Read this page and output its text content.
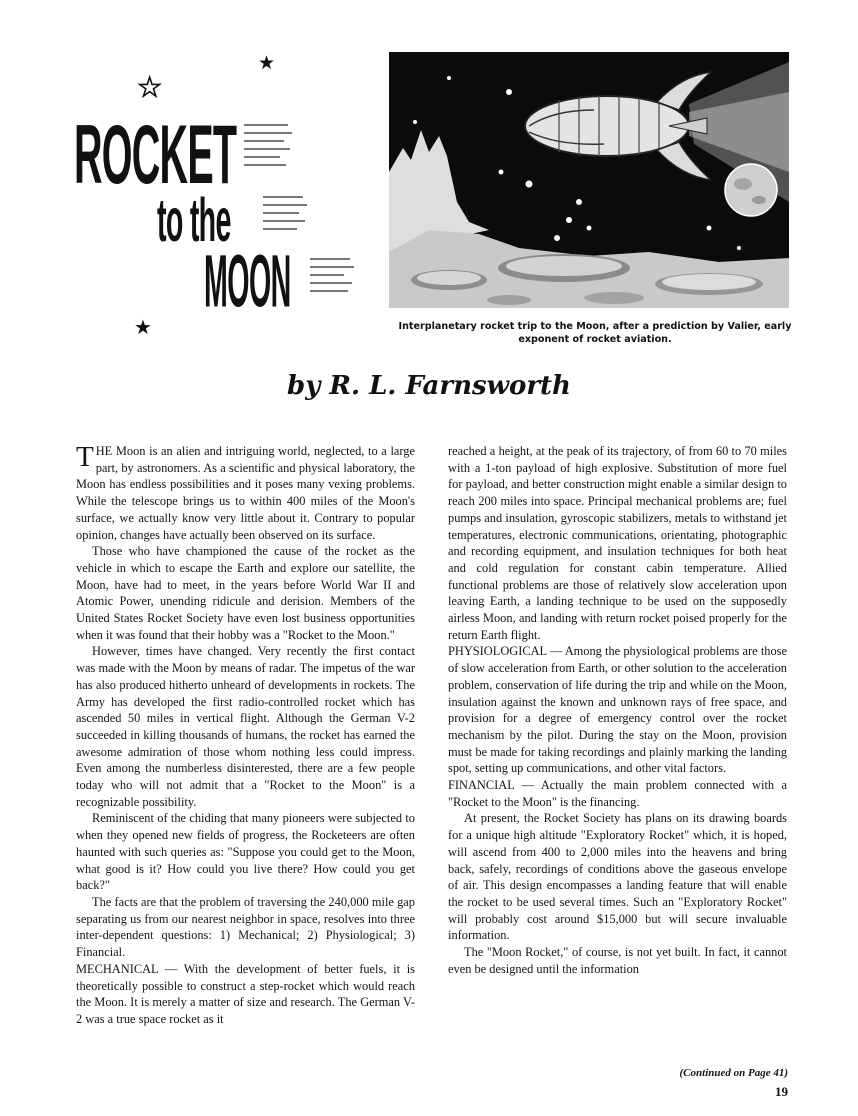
★
★
★
ROCKET
to the
MOON
Interplanetary rocket trip to the Moon, after a prediction by Valier, early exponent of rocket aviation.
by R. L. Farnsworth

THE Moon is an alien and intriguing world, neglected, to a large part, by astronomers. As a scientific and physical laboratory, the Moon has endless possibilities and it poses many vexing problems. While the telescope brings us to within 400 miles of the Moon's surface, we actually know very little about it. Contrary to popular opinion, changes have actually been observed on its surface.

Those who have championed the cause of the rocket as the vehicle in which to escape the Earth and explore our satellite, the Moon, have had to meet, in the years before World War II and Atomic Power, unending ridicule and derision. Members of the United States Rocket Society have even lost business opportunities when it was found that their hobby was a "Rocket to the Moon."

However, times have changed. Very recently the first contact was made with the Moon by means of radar. The impetus of the war has also produced hitherto unheard of developments in rockets. The Army has developed the first radio-controlled rocket which has ascended 50 miles in vertical flight. Although the German V-2 succeeded in killing thousands of humans, the rocket has earned the awesome admiration of those whom nothing less could impress. Even among the numberless disinterested, there are a few people today who will not admit that a "Rocket to the Moon" is a recognizable possibility.

Reminiscent of the chiding that many pioneers were subjected to when they opened new fields of progress, the Rocketeers are often haunted with such queries as: "Suppose you could get to the Moon, what good is it? How could you live there? How could you get back?"

The facts are that the problem of traversing the 240,000 mile gap separating us from our nearest neighbor in space, resolves into three inter-dependent questions: 1) Mechanical; 2) Physiological; 3) Financial.

MECHANICAL — With the development of better fuels, it is theoretically possible to construct a step-rocket which would reach the Moon. It is merely a matter of size and research. The German V-2 was a true space rocket as it

reached a height, at the peak of its trajectory, of from 60 to 70 miles with a 1-ton payload of high explosive. Substitution of more fuel for payload, and better construction might enable a similar design to reach 200 miles into space. Principal mechanical problems are; fuel pumps and insulation, gyroscopic stabilizers, metals to withstand jet temperatures, electronic communications, orientating, photographic and recording equipment, and insulation techniques for both heat and cold regulation for constant cabin temperature. Allied functional problems are those of relatively slow acceleration upon leaving Earth, a landing technique to be used on the supposedly airless Moon, and landing with return rocket poised properly for the return Earth flight.

PHYSIOLOGICAL — Among the physiological problems are those of slow acceleration from Earth, or other solution to the acceleration problem, conservation of life during the trip and while on the Moon, insulation against the known and unknown rays of free space, and provision for a degree of emergency control over the rocket mechanism by the pilot. During the stay on the Moon, provision must be made for taking recordings and plainly marking the landing spot, setting up communications, and other vital factors.

FINANCIAL — Actually the main problem connected with a "Rocket to the Moon" is the financing.

At present, the Rocket Society has plans on its drawing boards for a unique high altitude "Exploratory Rocket" which, it is hoped, will ascend from 400 to 2,000 miles into the heavens and bring back, safely, recordings of conditions above the gaseous envelope of air. This design encompasses a landing feature that will enable the rocket to be used several times. Such an "Exploratory Rocket" will probably cost around $15,000 but will secure invaluable information.

The "Moon Rocket," of course, is not yet built. In fact, it cannot even be designed until the information

(Continued on Page 41)
19
